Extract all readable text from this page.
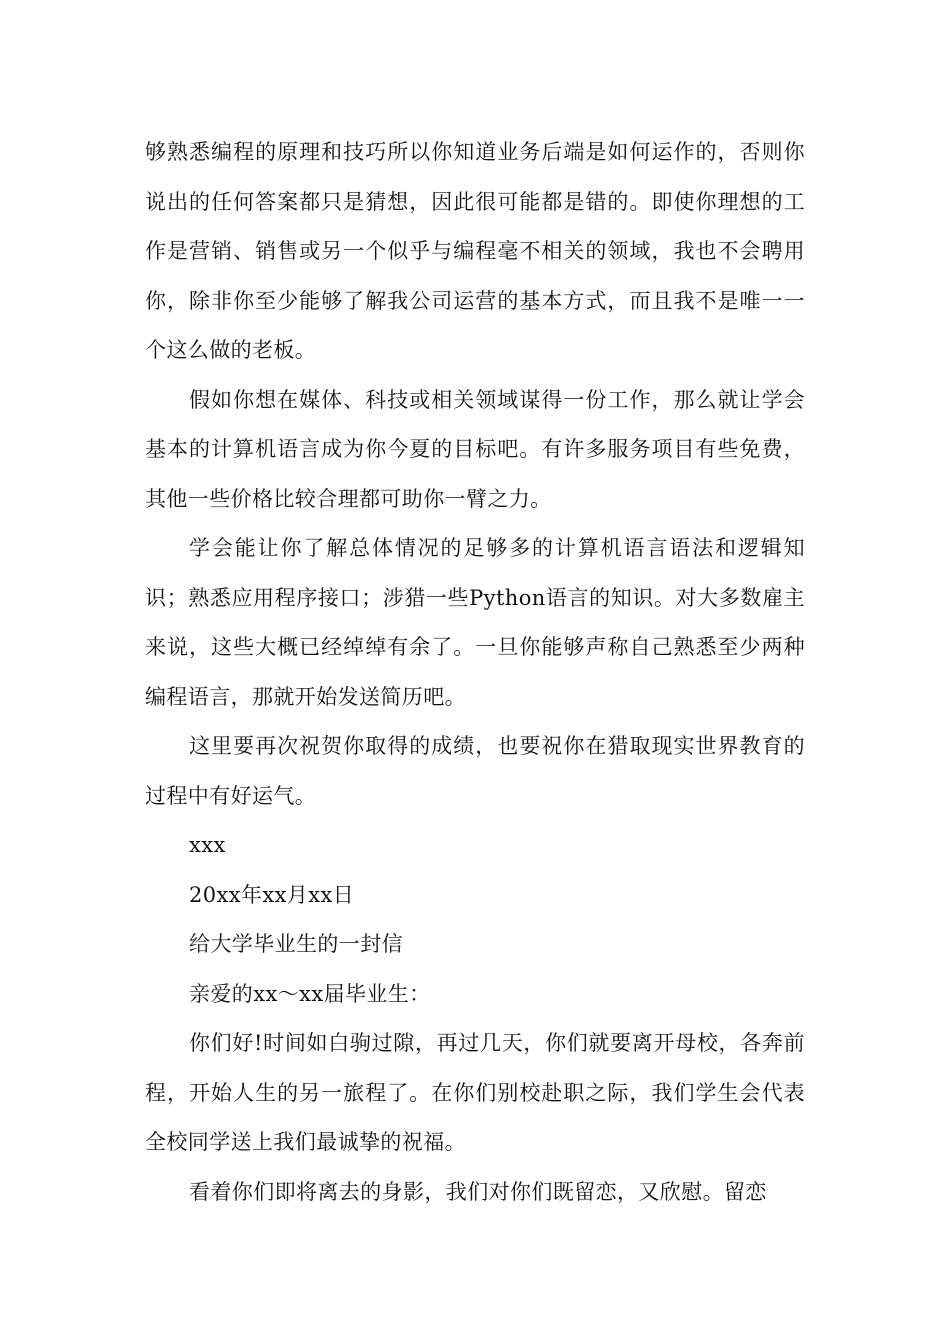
够熟悉编程的原理和技巧所以你知道业务后端是如何运作的，否则你说出的任何答案都只是猜想，因此很可能都是错的。即使你理想的工作是营销、销售或另一个似乎与编程毫不相关的领域，我也不会聘用你，除非你至少能够了解我公司运营的基本方式，而且我不是唯一一个这么做的老板。

假如你想在媒体、科技或相关领域谋得一份工作，那么就让学会基本的计算机语言成为你今夏的目标吧。有许多服务项目有些免费，其他一些价格比较合理都可助你一臂之力。

学会能让你了解总体情况的足够多的计算机语言语法和逻辑知识；熟悉应用程序接口；涉猎一些Python语言的知识。对大多数雇主来说，这些大概已经绰绰有余了。一旦你能够声称自己熟悉至少两种编程语言，那就开始发送简历吧。

这里要再次祝贺你取得的成绩，也要祝你在猎取现实世界教育的过程中有好运气。

xxx

20xx年xx月xx日

给大学毕业生的一封信

亲爱的xx～xx届毕业生：

你们好!时间如白驹过隙，再过几天，你们就要离开母校，各奔前程，开始人生的另一旅程了。在你们别校赴职之际，我们学生会代表全校同学送上我们最诚挚的祝福。

看着你们即将离去的身影，我们对你们既留恋，又欣慰。留恋
